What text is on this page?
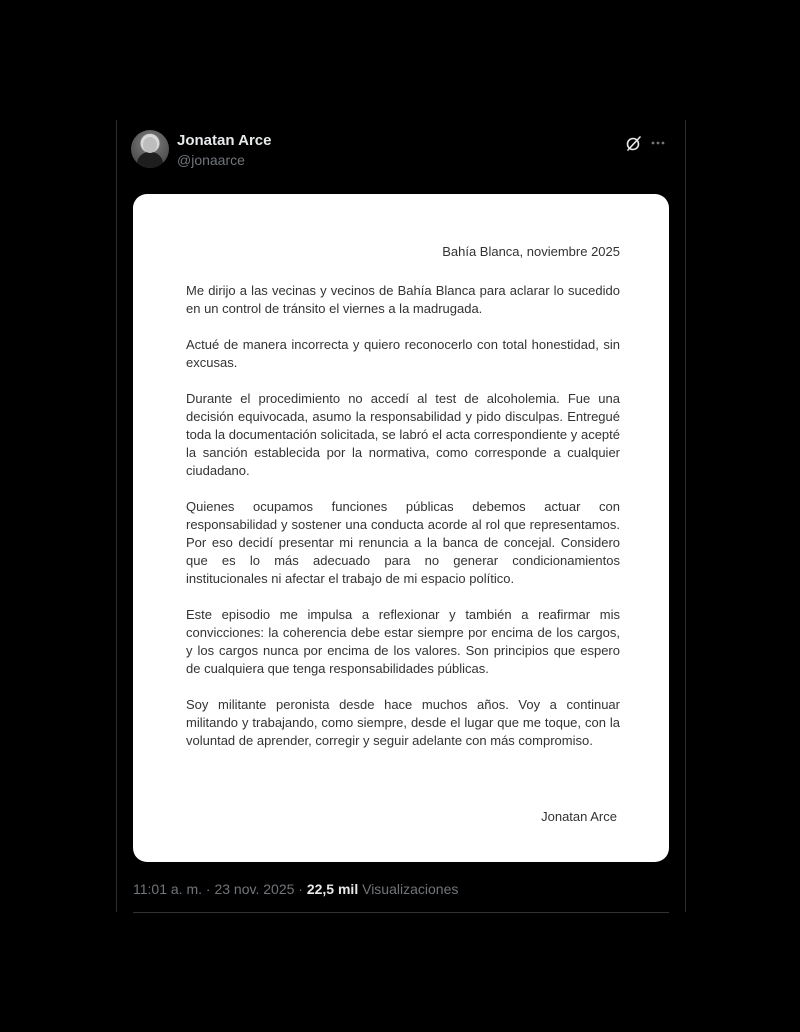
Jonatan Arce
@jonaarce
Bahía Blanca, noviembre 2025

Me dirijo a las vecinas y vecinos de Bahía Blanca para aclarar lo sucedido en un control de tránsito el viernes a la madrugada.

Actué de manera incorrecta y quiero reconocerlo con total honestidad, sin excusas.

Durante el procedimiento no accedí al test de alcoholemia. Fue una decisión equivocada, asumo la responsabilidad y pido disculpas. Entregué toda la documentación solicitada, se labró el acta correspondiente y acepté la sanción establecida por la normativa, como corresponde a cualquier ciudadano.

Quienes ocupamos funciones públicas debemos actuar con responsabilidad y sostener una conducta acorde al rol que representamos. Por eso decidí presentar mi renuncia a la banca de concejal. Considero que es lo más adecuado para no generar condicionamientos institucionales ni afectar el trabajo de mi espacio político.

Este episodio me impulsa a reflexionar y también a reafirmar mis convicciones: la coherencia debe estar siempre por encima de los cargos, y los cargos nunca por encima de los valores. Son principios que espero de cualquiera que tenga responsabilidades públicas.

Soy militante peronista desde hace muchos años. Voy a continuar militando y trabajando, como siempre, desde el lugar que me toque, con la voluntad de aprender, corregir y seguir adelante con más compromiso.

Jonatan Arce
11:01 a. m. · 23 nov. 2025 · 22,5 mil Visualizaciones
